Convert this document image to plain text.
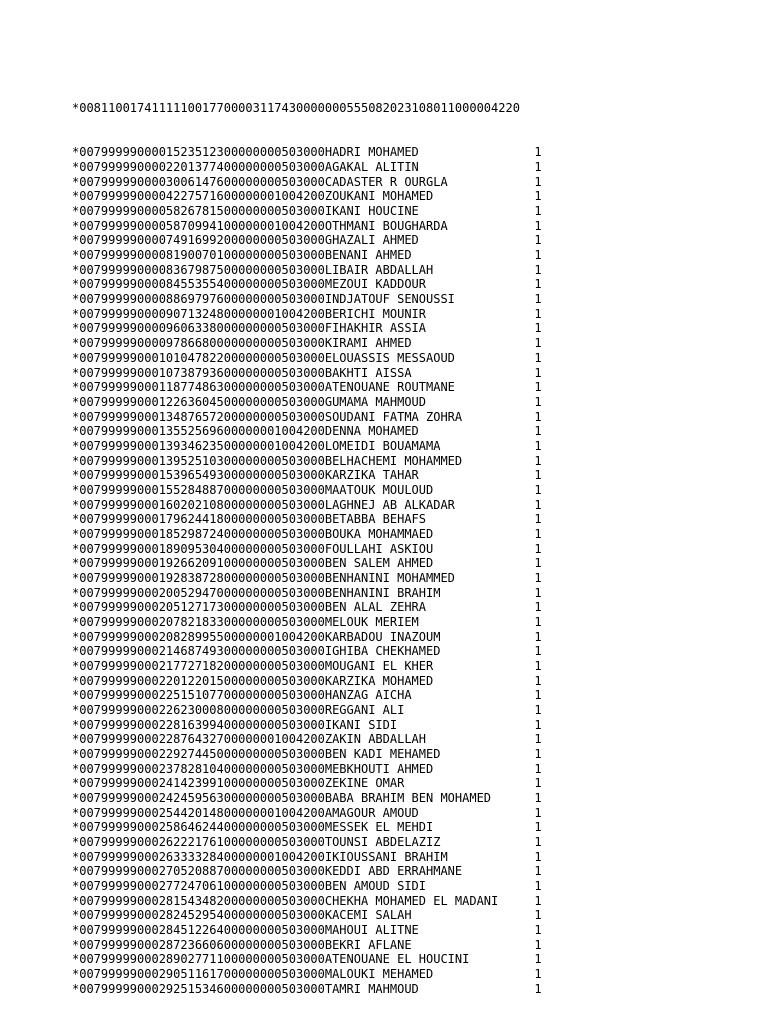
*0081100174111110017700003117430000000555082023108011000004220

*0079999900001523512300000000503000HADRI MOHAMED                1
*0079999900002201377400000000503000AGAKAL ALITIN                1
*0079999900003006147600000000503000CADASTER R OURGLA            1
*0079999900004227571600000001004200ZOUKANI MOHAMED              1
*0079999900005826781500000000503000IKANI HOUCINE                1
*0079999900005870994100000001004200OTHMANI BOUGHARDA            1
*0079999900007491699200000000503000GHAZALI AHMED                1
*0079999900008190070100000000503000BENANI AHMED                 1
*0079999900008367987500000000503000LIBAIR ABDALLAH              1
*0079999900008455355400000000503000MEZOUI KADDOUR               1
*0079999900008869797600000000503000INDJATOUF SENOUSSI           1
*0079999900009071324800000001004200BERICHI MOUNIR               1
*0079999900009606338000000000503000FIHAKHIR ASSIA               1
*0079999900009786680000000000503000KIRAMI AHMED                 1
*0079999900010104782200000000503000ELOUASSIS MESSAOUD           1
*0079999900010738793600000000503000BAKHTI AISSA                 1
*0079999900011877486300000000503000ATENOUANE ROUTMANE           1
*0079999900012263604500000000503000GUMAMA MAHMOUD               1
*0079999900013487657200000000503000SOUDANI FATMA ZOHRA          1
*0079999900013552569600000001004200DENNA MOHAMED                1
*0079999900013934623500000001004200LOMEIDI BOUAMAMA             1
*0079999900013952510300000000503000BELHACHEMI MOHAMMED          1
*0079999900015396549300000000503000KARZIKA TAHAR                1
*0079999900015528488700000000503000MAATOUK MOULOUD              1
*0079999900016020210800000000503000LAGHNEJ AB ALKADAR           1
*0079999900017962441800000000503000BETABBA BEHAFS               1
*0079999900018529872400000000503000BOUKA MOHAMMAED              1
*0079999900018909530400000000503000FOULLAHI ASKIOU              1
*0079999900019266209100000000503000BEN SALEM AHMED              1
*0079999900019283872800000000503000BENHANINI MOHAMMED           1
*0079999900020052947000000000503000BENHANINI BRAHIM             1
*0079999900020512717300000000503000BEN ALAL ZEHRA               1
*0079999900020782183300000000503000MELOUK MERIEM                1
*0079999900020828995500000001004200KARBADOU INAZOUM             1
*0079999900021468749300000000503000IGHIBA CHEKHAMED             1
*0079999900021772718200000000503000MOUGANI EL KHER              1
*0079999900022012201500000000503000KARZIKA MOHAMED              1
*0079999900022515107700000000503000HANZAG AICHA                 1
*0079999900022623000800000000503000REGGANI ALI                  1
*0079999900022816399400000000503000IKANI SIDI                   1
*0079999900022876432700000001004200ZAKIN ABDALLAH               1
*0079999900022927445000000000503000BEN KADI MEHAMED             1
*0079999900023782810400000000503000MEBKHOUTI AHMED              1
*0079999900024142399100000000503000ZEKINE OMAR                  1
*0079999900024245956300000000503000BABA BRAHIM BEN MOHAMED      1
*0079999900025442014800000001004200AMAGOUR AMOUD                1
*0079999900025864624400000000503000MESSEK EL MEHDI              1
*0079999900026222176100000000503000TOUNSI ABDELAZIZ             1
*0079999900026333328400000001004200IKIOUSSANI BRAHIM            1
*0079999900027052088700000000503000KEDDI ABD ERRAHMANE          1
*0079999900027724706100000000503000BEN AMOUD SIDI               1
*0079999900028154348200000000503000CHEKHA MOHAMED EL MADANI     1
*0079999900028245295400000000503000KACEMI SALAH                 1
*0079999900028451226400000000503000MAHOUI ALITNE                1
*0079999900028723660600000000503000BEKRI AFLANE                 1
*0079999900028902771100000000503000ATENOUANE EL HOUCINI         1
*0079999900029051161700000000503000MALOUKI MEHAMED              1
*0079999900029251534600000000503000TAMRI MAHMOUD                1
